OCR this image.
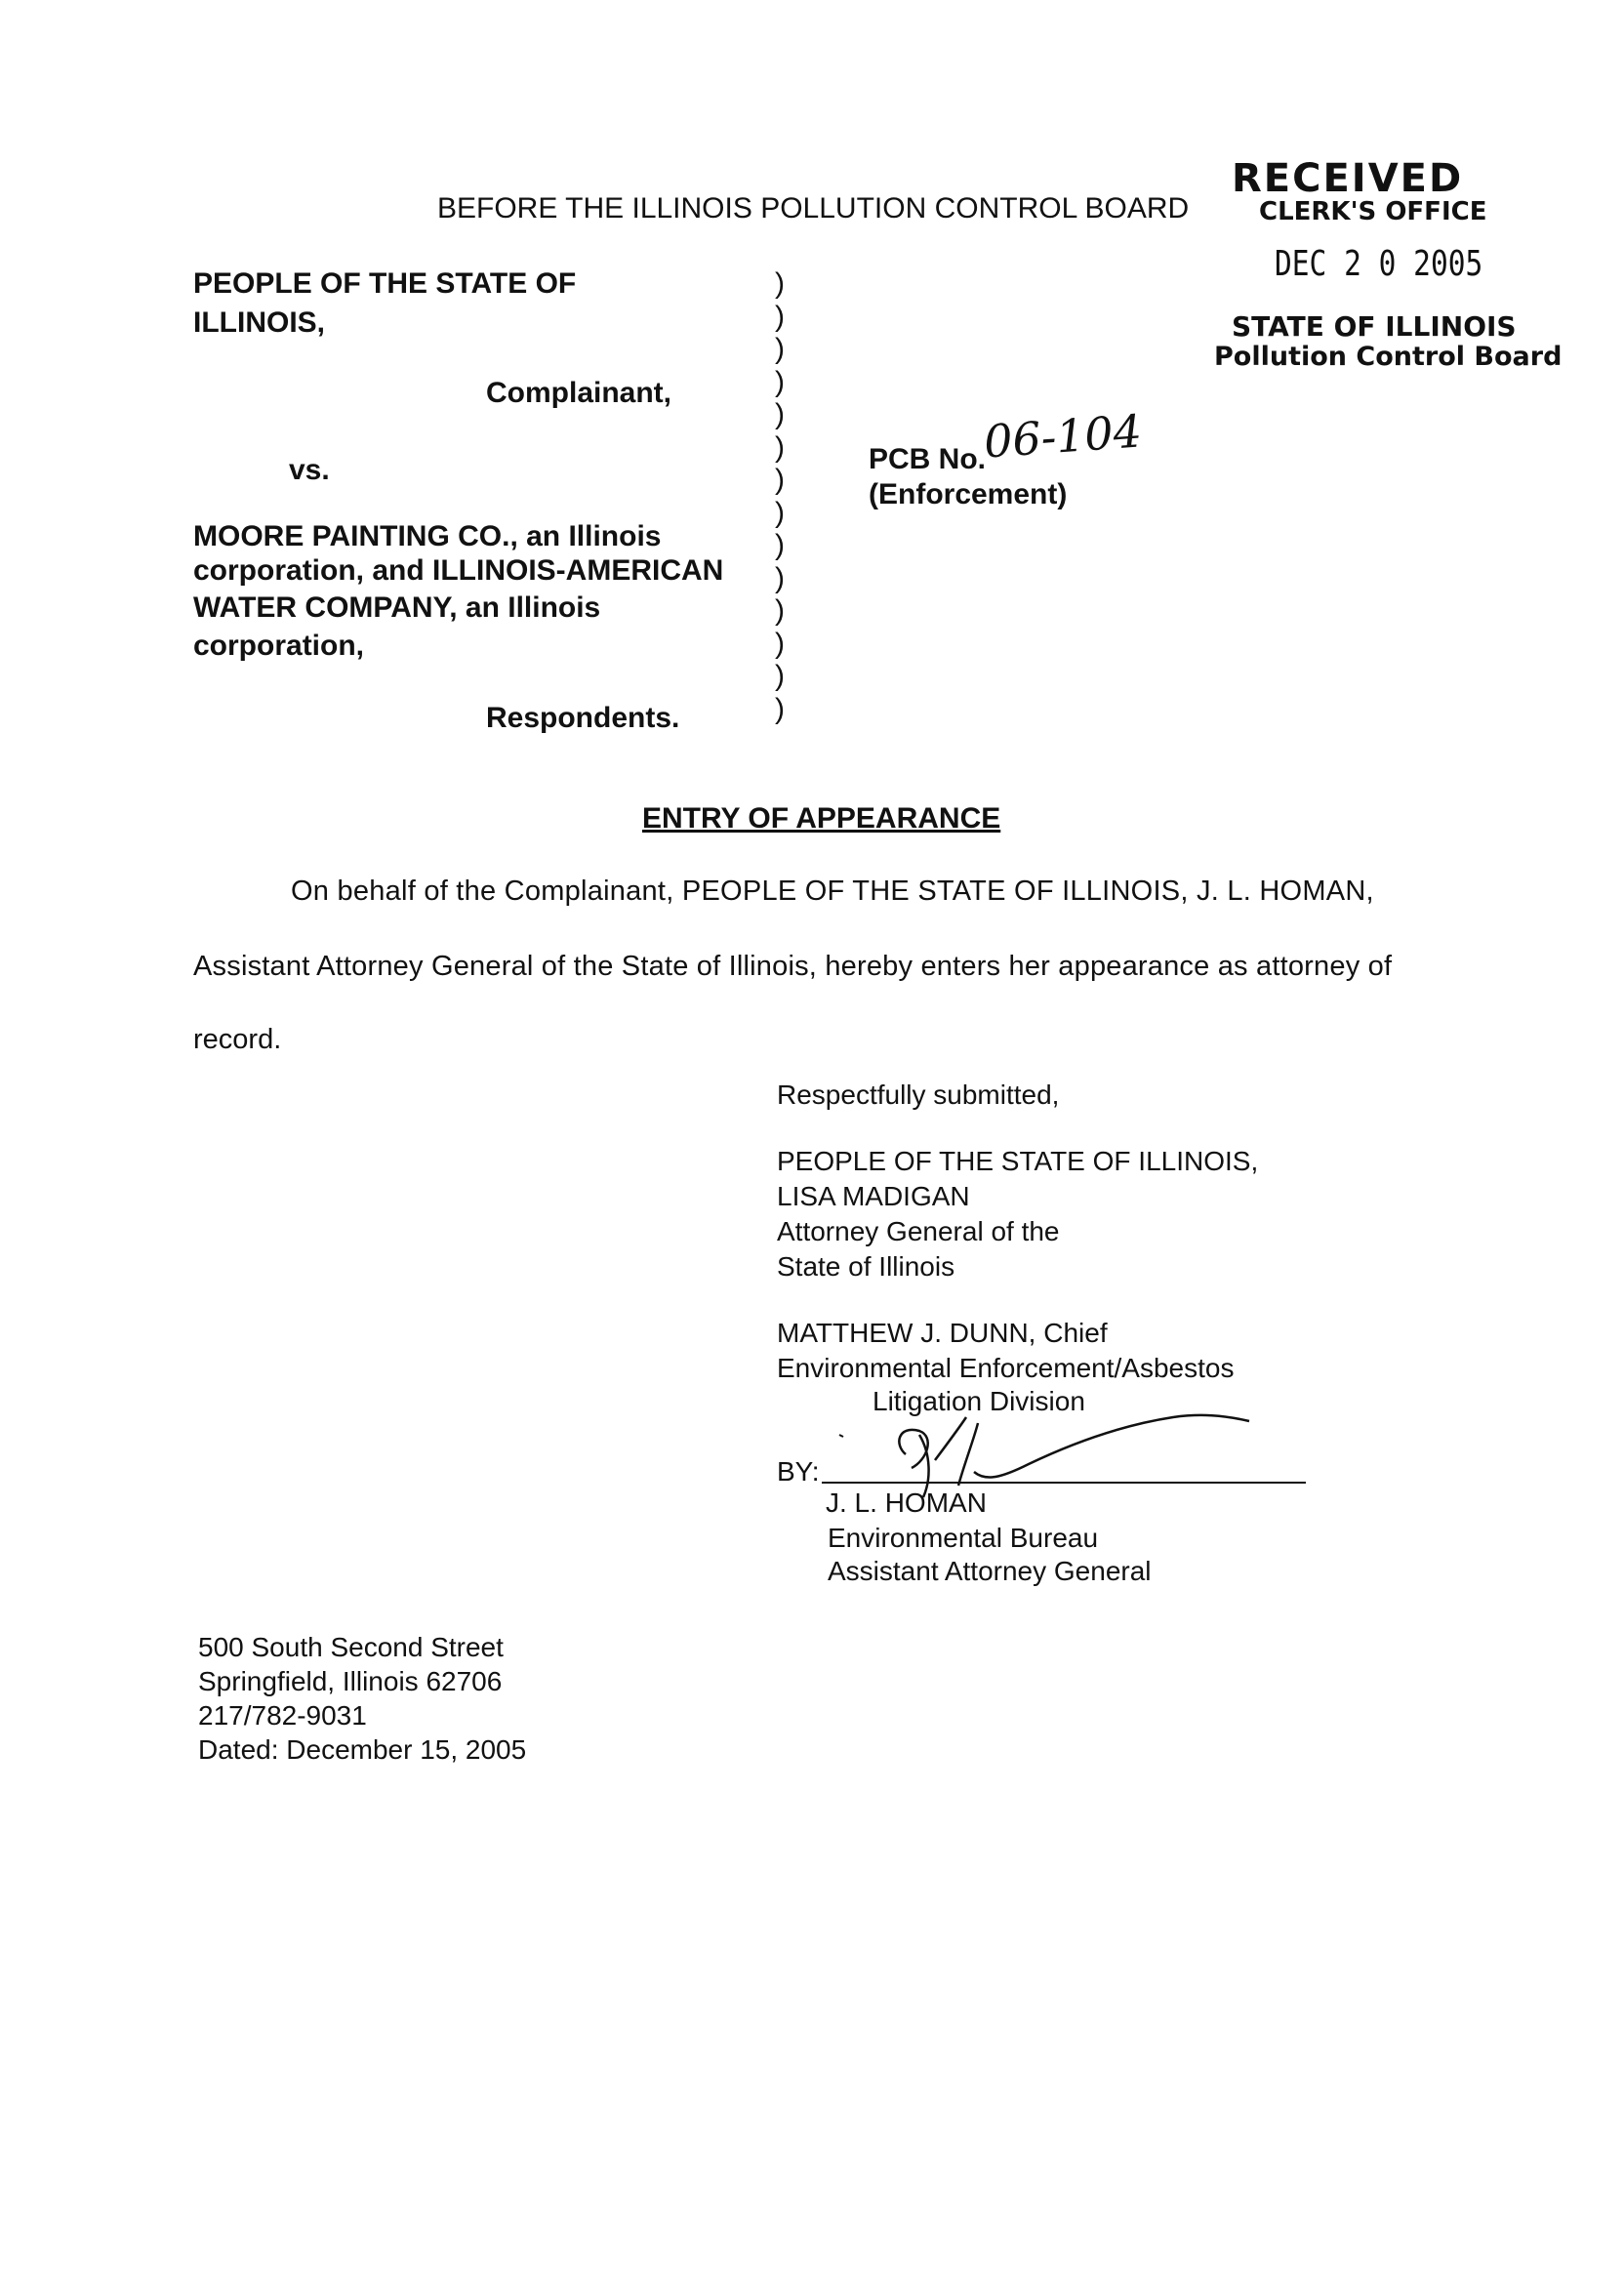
RECEIVED
CLERK'S OFFICE
DEC 2 0 2005
STATE OF ILLINOIS
Pollution Control Board
BEFORE THE ILLINOIS POLLUTION CONTROL BOARD
PEOPLE OF THE STATE OF
ILLINOIS,
Complainant,
vs.
MOORE PAINTING CO., an Illinois
corporation, and ILLINOIS-AMERICAN
WATER COMPANY, an Illinois
corporation,
Respondents.
)
)
)
)
)
)
)
)
)
)
)
)
)
)
PCB No.
06-104
(Enforcement)
ENTRY OF APPEARANCE
On behalf of the Complainant, PEOPLE OF THE STATE OF ILLINOIS, J. L. HOMAN,
Assistant Attorney General of the State of Illinois, hereby enters her appearance as attorney of
record.
Respectfully submitted,
PEOPLE OF THE STATE OF ILLINOIS,
LISA MADIGAN
Attorney General of the
State of Illinois
MATTHEW J. DUNN, Chief
Environmental Enforcement/Asbestos
Litigation Division
BY:
J. L. HOMAN
Environmental Bureau
Assistant Attorney General
500 South Second Street
Springfield, Illinois 62706
217/782-9031
Dated: December 15, 2005
